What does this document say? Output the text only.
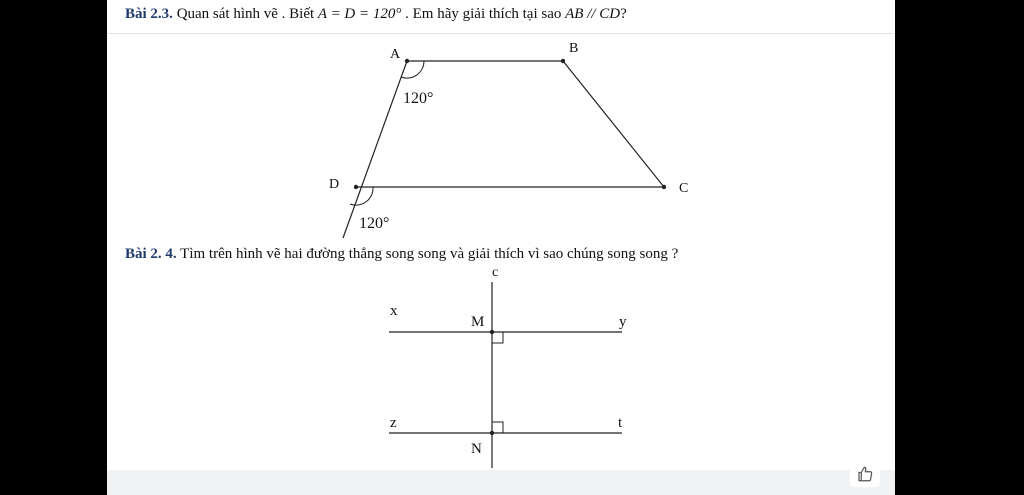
Bài 2.3. Quan sát hình vẽ . Biết A = D = 120° . Em hãy giải thích tại sao AB // CD?
A	B
C
D
120°
120°
Bài 2. 4. Tìm trên hình vẽ hai đường thẳng song song và giải thích vì sao chúng song song ?
c
x
M	y
z	t
N
